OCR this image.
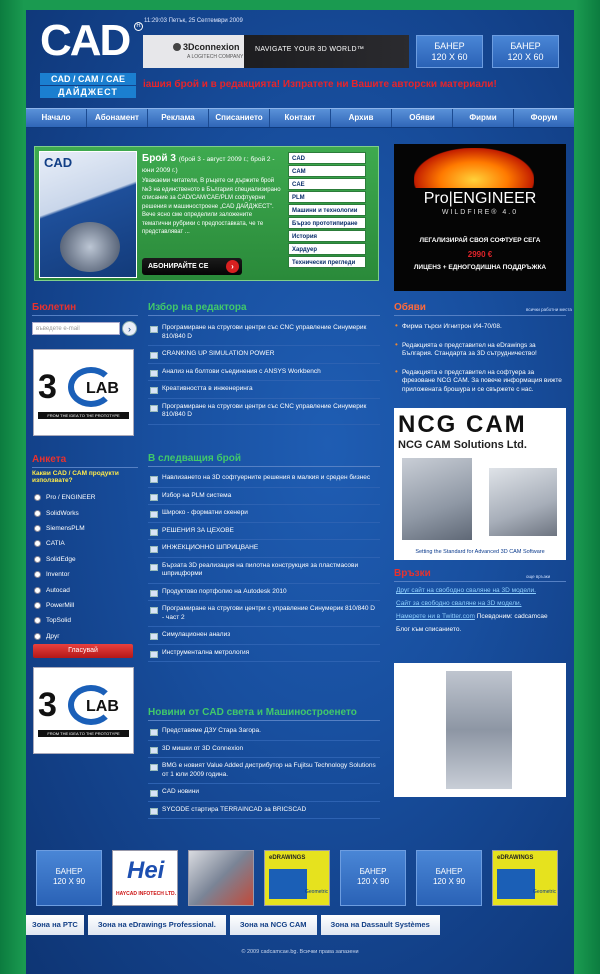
CAD	R
CAD / CAM / CAE
ДАЙДЖЕСТ
11:29:03 Петък, 25 Септември 2009
3Dconnexion
A LOGITECH COMPANY
NAVIGATE YOUR 3D WORLD™	БАНЕР
120 X 60
БАНЕР
120 X 60
іашия брой и в редакцията! Изпратете ни Вашите авторски материали!
Начало	Абонамент	Реклама	Списанието	Контакт	Архив	Обяви	Фирми	Форум
CAD	Брой 3 (брой 3 - август 2009 г.; брой 2 - юни 2009 г.)
Уважаеми читатели, В ръцете си държите брой №3 на единственото в България специализирано списание за CAD/CAM/CAE/PLM софтуерни решения и машиностроене „CAD ДАЙДЖЕСТ". Вече ясно сме определили заложените тематични рубрики с предпоставката, че те представляват ...
АБОНИРАЙТЕ СЕ	›
CAD
CAM
CAE
PLM
Машини и технологии
Бързо прототипиране
История
Хардуер
Технически прегледи
Pro|ENGINEER
WILDFIRE® 4.0
ЛЕГАЛИЗИРАЙ СВОЯ СОФТУЕР СЕГА
2990 €
ЛИЦЕНЗ + ЕДНОГОДИШНА ПОДДРЪЖКА
Бюлетин
въведете e-mail	›
3 LAB
FROM THE IDEA TO THE PROTOTYPE
Анкета
Какви CAD / CAM продукти използвате?
Pro / ENGINEER
SolidWorks
SiemensPLM
CATIA
SolidEdge
Inventor
Autocad
PowerMill
TopSolid
Друг
Гласувай
3 LAB
FROM THE IDEA TO THE PROTOTYPE
Избор на редактора
Програмиране на стругови центри със CNC управление Синумерик 810/840 D
CRANKING UP SIMULATION POWER
Анализ на болтови съединения с ANSYS Workbench
Креативността в инженеринга
Програмиране на стругови центри със CNC управление Синумерик 810/840 D
В следващия брой
Навлизането на 3D софтуерните решения в малкия и среден бизнес
Избор на PLM система
Широко - форматни скенери
РЕШЕНИЯ ЗА ЦЕХОВЕ
ИНЖЕКЦИОННО ШПРИЦВАНЕ
Бързата 3D реализация на пилотна конструкция за пластмасови шприцформи
Продуктово портфолио на Autodesk 2010
Програмиране на стругови центри с управление Синумерик 810/840 D - част 2
Симулационен анализ
Инструментална метрология
Новини от CAD света и Машиностроенето
Представяме ДЗУ Стара Загора.
3D мишки от 3D Connexion
BMG е новият Value Added дистрибутор на Fujitsu Technology Solutions от 1 юли 2009 година.
CAD новини
SYCODE стартира TERRAINCAD за BRICSCAD
Обяви	всички работни места
• Фирма търси Игнитрон И4-70/08.
• Редакцията е представител на eDrawings за България. Стандарта за 3D сътрудничество!
• Редакцията е представител на софтуера за фрезоване NCG CAM. За повече информация вижте приложената брошура и се свържете с нас.
NCG CAM
NCG CAM Solutions Ltd.
Setting the Standard for Advanced 3D CAM Software
Връзки	още връзки
Друг сайт на свободно сваляне на 3D модели.
Сайт за свободно сваляне на 3D модели.
Намерете ни в Twitter.com Псевдоним: cadcamcae
Блог към списанието.
БАНЕР
120 X 90	Hei
HAYCAD INFOTECH LTD.
eDRAWINGS
Geometric
БАНЕР
120 X 90
БАНЕР
120 X 90
eDRAWINGS
Geometric
Зона на PTC	Зона на eDrawings Professional.	Зона на NCG CAM	Зона на Dassault Systèmes
© 2009 cadcamcae.bg. Всички права запазени
